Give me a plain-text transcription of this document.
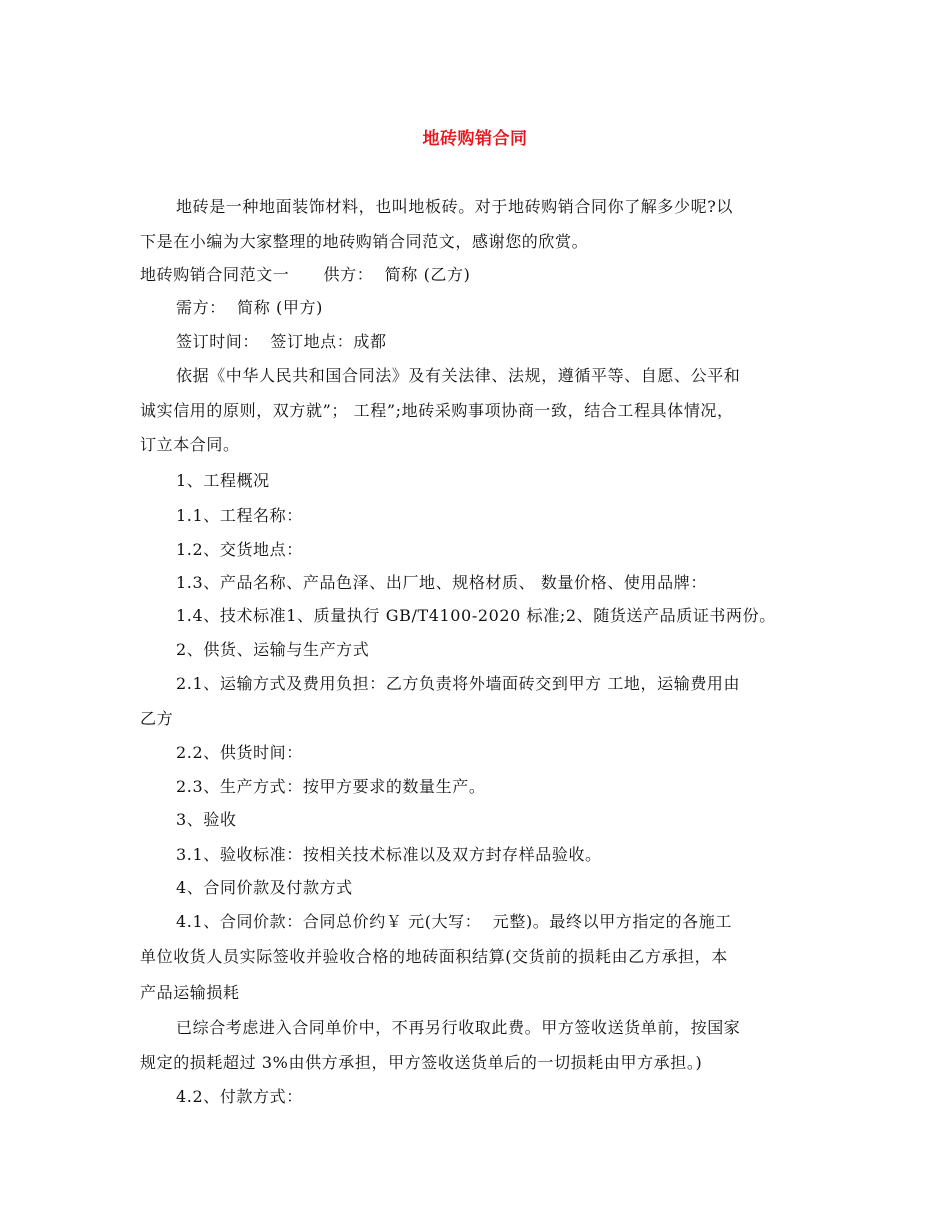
地砖购销合同
地砖是一种地面装饰材料，也叫地板砖。对于地砖购销合同你了解多少呢?以
下是在小编为大家整理的地砖购销合同范文，感谢您的欣赏。
地砖购销合同范文一      供方：  简称 (乙方)
需方：  简称 (甲方)
签订时间：  签订地点：成都
依据《中华人民共和国合同法》及有关法律、法规，遵循平等、自愿、公平和
诚实信用的原则，双方就”； 工程”;地砖采购事项协商一致，结合工程具体情况，
订立本合同。
1、工程概况
1.1、工程名称：
1.2、交货地点：
1.3、产品名称、产品色泽、出厂地、规格材质、 数量价格、使用品牌：
1.4、技术标准1、质量执行 GB/T4100-2020 标准;2、随货送产品质证书两份。
2、供货、运输与生产方式
2.1、运输方式及费用负担：乙方负责将外墙面砖交到甲方 工地，运输费用由
乙方
2.2、供货时间：
2.3、生产方式：按甲方要求的数量生产。
3、验收
3.1、验收标准：按相关技术标准以及双方封存样品验收。
4、合同价款及付款方式
4.1、合同价款：合同总价约￥ 元(大写：  元整)。最终以甲方指定的各施工
单位收货人员实际签收并验收合格的地砖面积结算(交货前的损耗由乙方承担，本
产品运输损耗
已综合考虑进入合同单价中，不再另行收取此费。甲方签收送货单前，按国家
规定的损耗超过 3%由供方承担，甲方签收送货单后的一切损耗由甲方承担。)
4.2、付款方式：
